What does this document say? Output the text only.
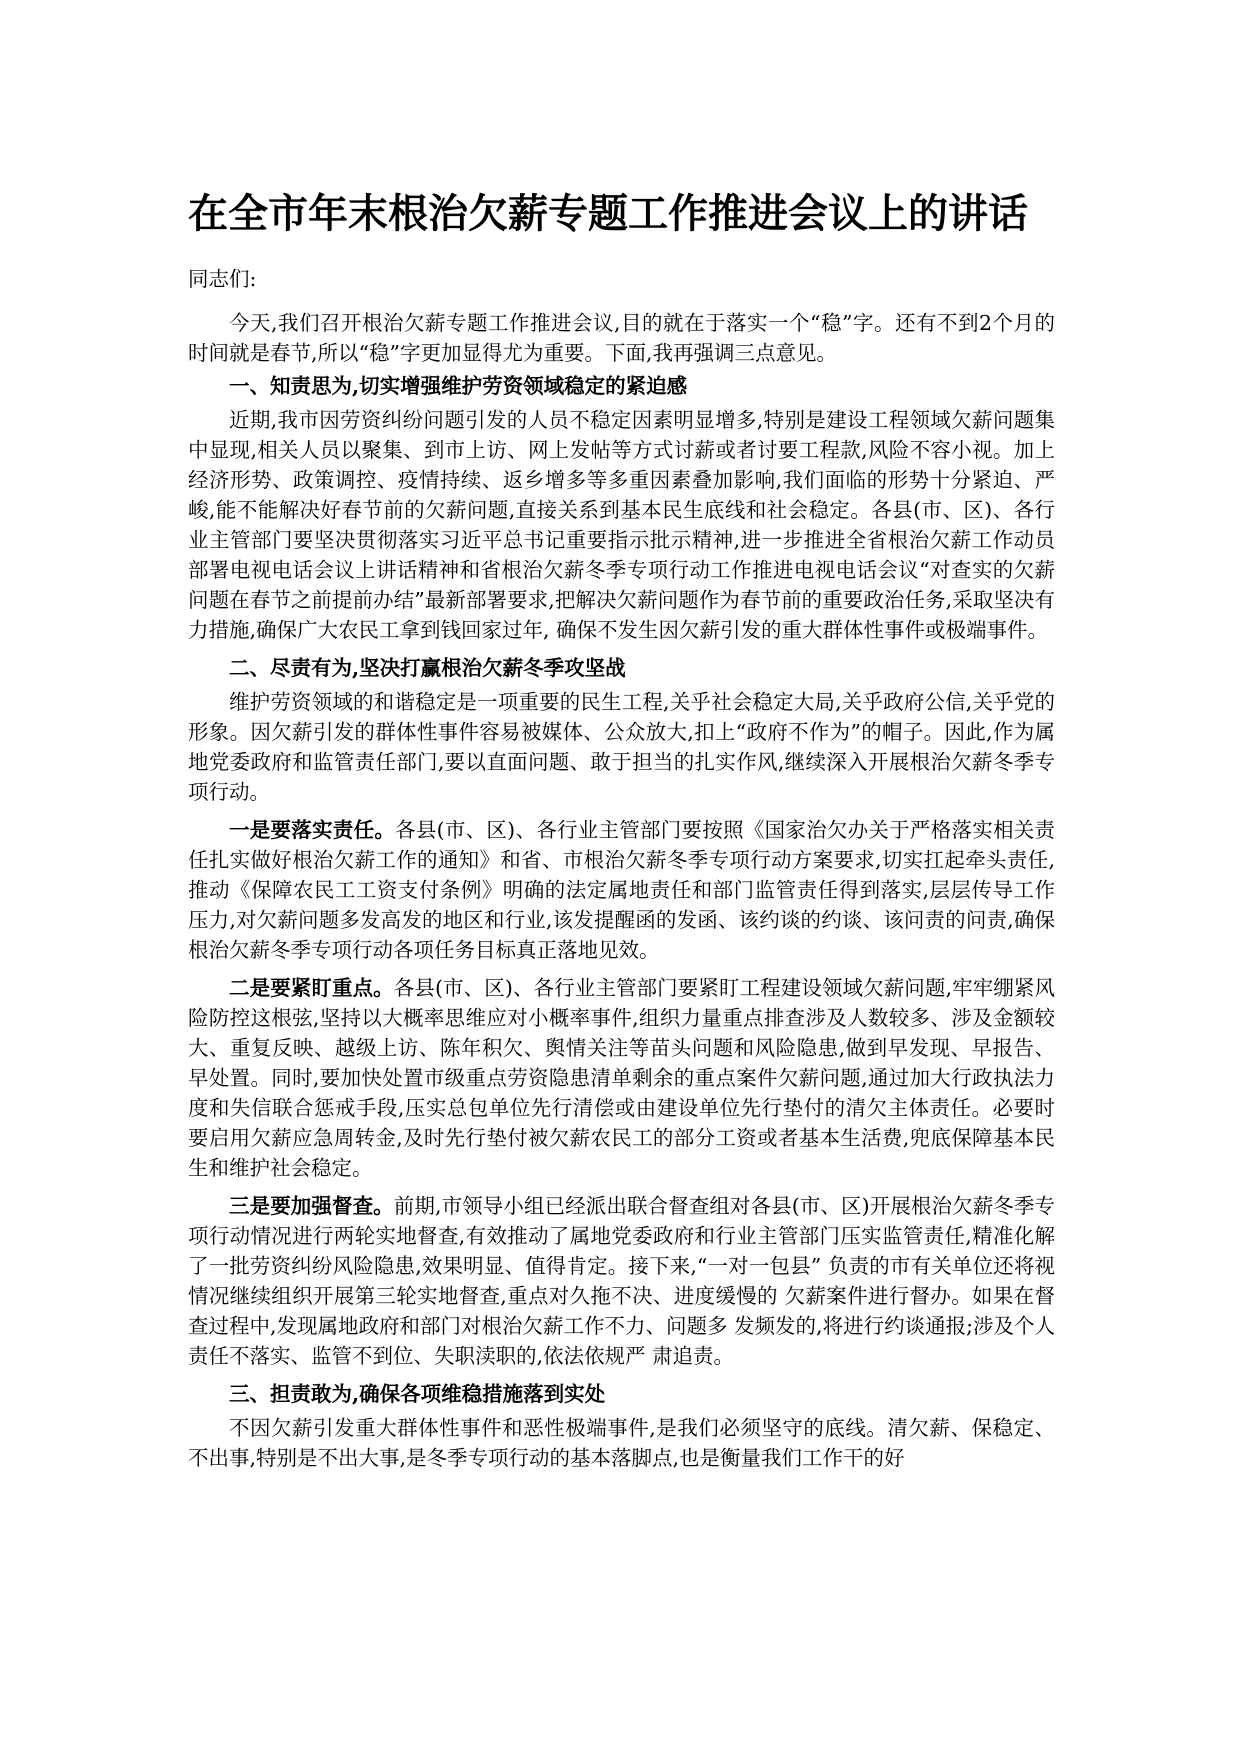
在全市年末根治欠薪专题工作推进会议上的讲话

同志们:

今天,我们召开根治欠薪专题工作推进会议,目的就在于落实一个“稳”字。还有不到2个月的时间就是春节,所以“稳”字更加显得尤为重要。下面,我再强调三点意见。

一、知责思为,切实增强维护劳资领域稳定的紧迫感

近期,我市因劳资纠纷问题引发的人员不稳定因素明显增多,特别是建设工程领域欠薪问题集中显现,相关人员以聚集、到市上访、网上发帖等方式讨薪或者讨要工程款,风险不容小视。加上经济形势、政策调控、疫情持续、返乡增多等多重因素叠加影响,我们面临的形势十分紧迫、严峻,能不能解决好春节前的欠薪问题,直接关系到基本民生底线和社会稳定。各县(市、区)、各行业主管部门要坚决贯彻落实习近平总书记重要指示批示精神,进一步推进全省根治欠薪工作动员部署电视电话会议上讲话精神和省根治欠薪冬季专项行动工作推进电视电话会议“对查实的欠薪问题在春节之前提前办结”最新部署要求,把解决欠薪问题作为春节前的重要政治任务,采取坚决有力措施,确保广大农民工拿到钱回家过年, 确保不发生因欠薪引发的重大群体性事件或极端事件。

二、尽责有为,坚决打赢根治欠薪冬季攻坚战

维护劳资领域的和谐稳定是一项重要的民生工程,关乎社会稳定大局,关乎政府公信,关乎党的形象。因欠薪引发的群体性事件容易被媒体、公众放大,扣上“政府不作为”的帽子。因此,作为属地党委政府和监管责任部门,要以直面问题、敢于担当的扎实作风,继续深入开展根治欠薪冬季专项行动。

一是要落实责任。各县(市、区)、各行业主管部门要按照《国家治欠办关于严格落实相关责任扎实做好根治欠薪工作的通知》和省、市根治欠薪冬季专项行动方案要求,切实扛起牵头责任,推动《保障农民工工资支付条例》明确的法定属地责任和部门监管责任得到落实,层层传导工作压力,对欠薪问题多发高发的地区和行业,该发提醒函的发函、该约谈的约谈、该问责的问责,确保根治欠薪冬季专项行动各项任务目标真正落地见效。

二是要紧盯重点。各县(市、区)、各行业主管部门要紧盯工程建设领域欠薪问题,牢牢绷紧风险防控这根弦,坚持以大概率思维应对小概率事件,组织力量重点排查涉及人数较多、涉及金额较大、重复反映、越级上访、陈年积欠、舆情关注等苗头问题和风险隐患,做到早发现、早报告、早处置。同时,要加快处置市级重点劳资隐患清单剩余的重点案件欠薪问题,通过加大行政执法力度和失信联合惩戒手段,压实总包单位先行清偿或由建设单位先行垫付的清欠主体责任。必要时要启用欠薪应急周转金,及时先行垫付被欠薪农民工的部分工资或者基本生活费,兜底保障基本民生和维护社会稳定。

三是要加强督查。前期,市领导小组已经派出联合督查组对各县(市、区)开展根治欠薪冬季专项行动情况进行两轮实地督查,有效推动了属地党委政府和行业主管部门压实监管责任,精准化解了一批劳资纠纷风险隐患,效果明显、值得肯定。接下来,“一对一包县” 负责的市有关单位还将视情况继续组织开展第三轮实地督查,重点对久拖不决、进度缓慢的 欠薪案件进行督办。如果在督查过程中,发现属地政府和部门对根治欠薪工作不力、问题多 发频发的,将进行约谈通报;涉及个人责任不落实、监管不到位、失职渎职的,依法依规严 肃追责。

三、担责敢为,确保各项维稳措施落到实处

不因欠薪引发重大群体性事件和恶性极端事件,是我们必须坚守的底线。清欠薪、保稳定、不出事,特别是不出大事,是冬季专项行动的基本落脚点,也是衡量我们工作干的好
